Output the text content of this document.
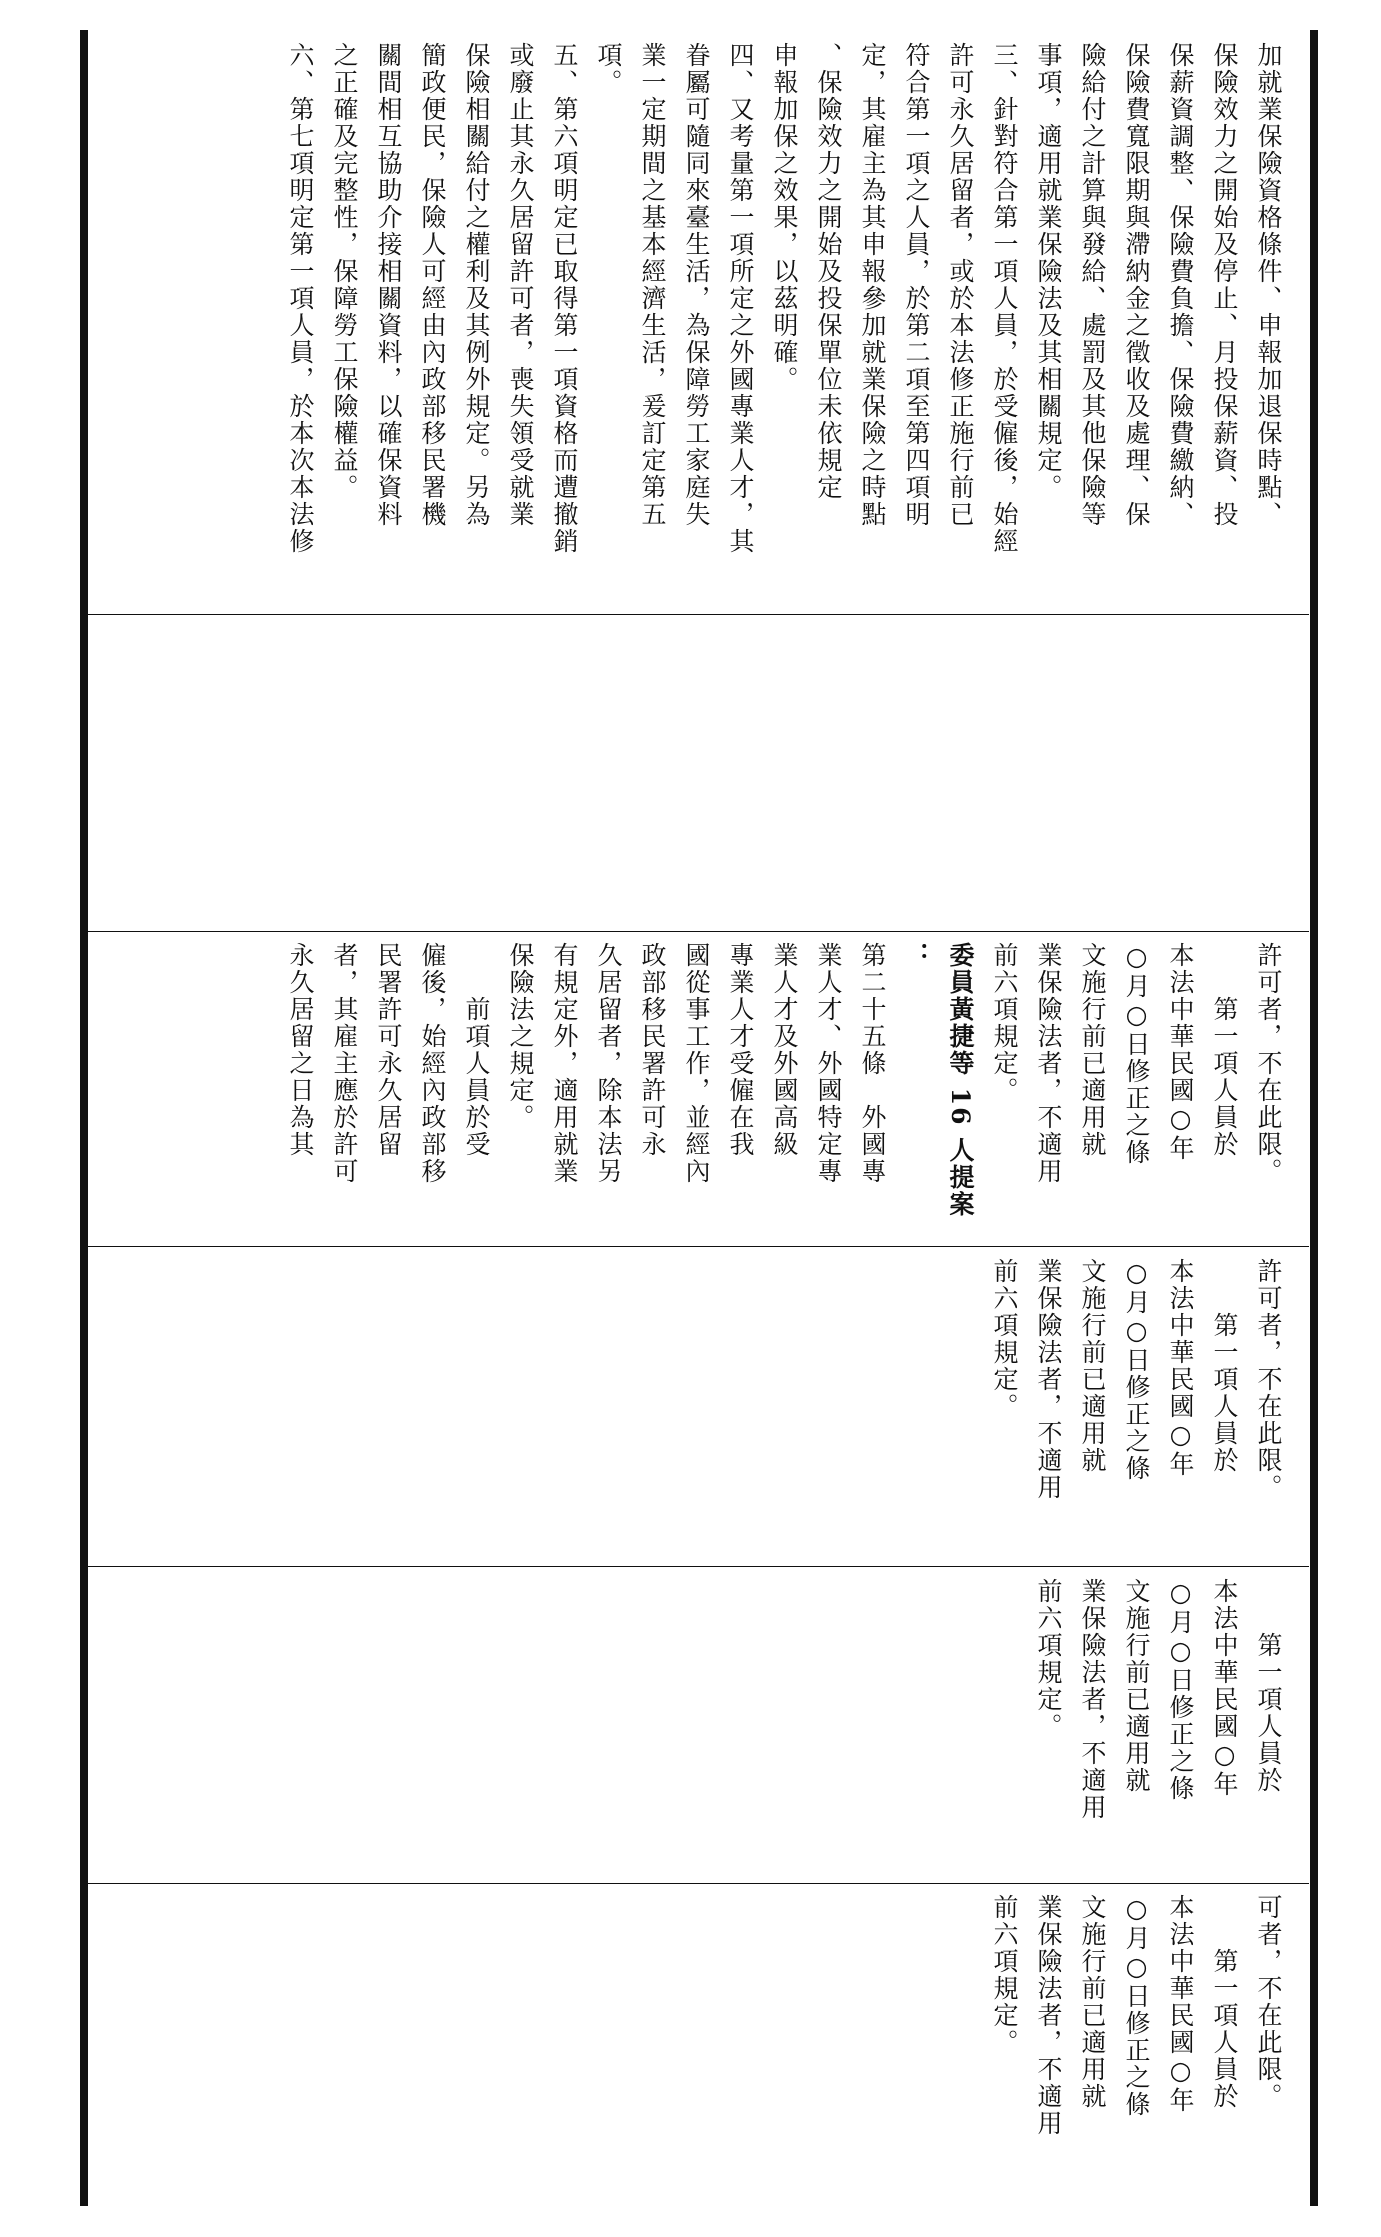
加就業保險資格條件、申報加退保時點、
保險效力之開始及停止、月投保薪資、投
保薪資調整、保險費負擔、保險費繳納、
保險費寬限期與滯納金之徵收及處理、保
險給付之計算與發給、處罰及其他保險等
事項，適用就業保險法及其相關規定。
三、針對符合第一項人員，於受僱後，始經
許可永久居留者，或於本法修正施行前已
符合第一項之人員，於第二項至第四項明
定，其雇主為其申報參加就業保險之時點
、保險效力之開始及投保單位未依規定
申報加保之效果，以茲明確。
四、又考量第一項所定之外國專業人才，其
眷屬可隨同來臺生活，為保障勞工家庭失
業一定期間之基本經濟生活，爰訂定第五
項。
五、第六項明定已取得第一項資格而遭撤銷
或廢止其永久居留許可者，喪失領受就業
保險相關給付之權利及其例外規定。另為
簡政便民，保險人可經由內政部移民署機
關間相互協助介接相關資料，以確保資料
之正確及完整性，保障勞工保險權益。
六、第七項明定第一項人員，於本次本法修
許可者，不在此限。
　　第一項人員於
本法中華民國○年
○月○日修正之條
文施行前已適用就
業保險法者，不適用
前六項規定。
委員黃捷等 16 人提案
：
第二十五條　外國專
業人才、外國特定專
業人才及外國高級
專業人才受僱在我
國從事工作，並經內
政部移民署許可永
久居留者，除本法另
有規定外，適用就業
保險法之規定。
　　前項人員於受
僱後，始經內政部移
民署許可永久居留
者，其雇主應於許可
永久居留之日為其
許可者，不在此限。
　　第一項人員於
本法中華民國○年
○月○日修正之條
文施行前已適用就
業保險法者，不適用
前六項規定。
　　第一項人員於
本法中華民國○年
○月○日修正之條
文施行前已適用就
業保險法者，不適用
前六項規定。
可者，不在此限。
　　第一項人員於
本法中華民國○年
○月○日修正之條
文施行前已適用就
業保險法者，不適用
前六項規定。
